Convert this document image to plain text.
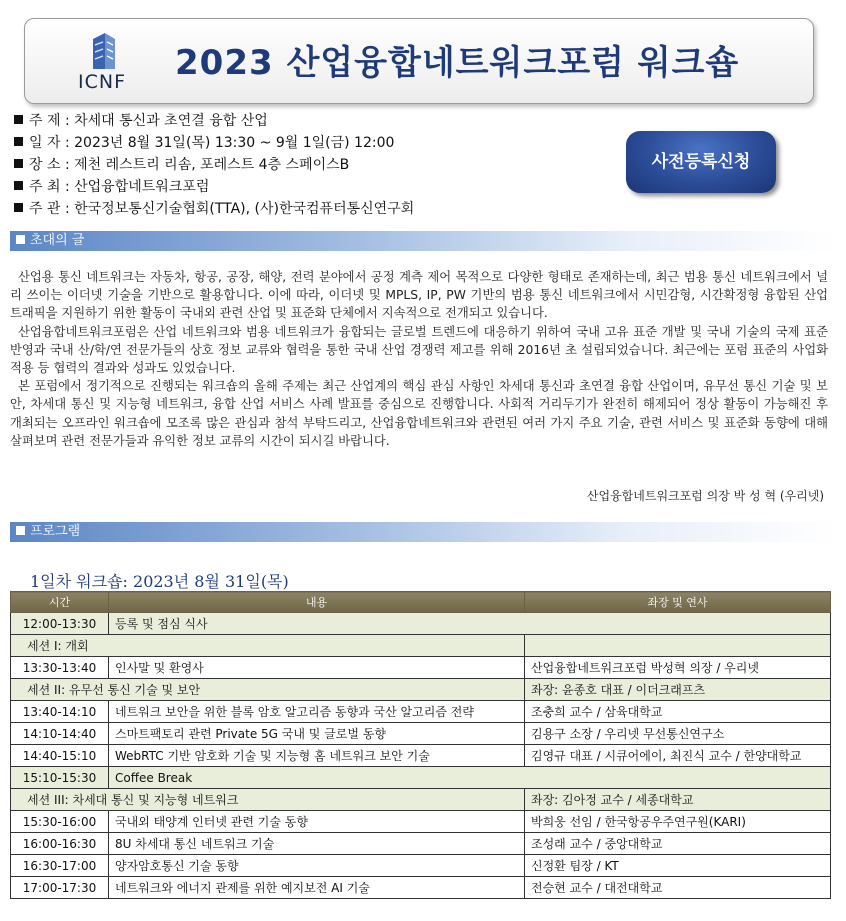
ICNF 2023 산업융합네트워크포럼 워크숍
주 제 : 차세대 통신과 초연결 융합 산업
일 자 : 2023년 8월 31일(목) 13:30 ~ 9월 1일(금) 12:00
장 소 : 제천 레스트리 리솜, 포레스트 4층 스페이스B
주 최 : 산업융합네트워크포럼
주 관 : 한국정보통신기술협회(TTA), (사)한국컴퓨터통신연구회
사전등록신청
초대의 글

산업용 통신 네트워크는 자동차, 항공, 공장, 해양, 전력 분야에서 공정 계측 제어 목적으로 다양한 형태로 존재하는데, 최근 범용 통신 네트워크에서 널리 쓰이는 이더넷 기술을 기반으로 활용합니다. 이에 따라, 이더넷 및 MPLS, IP, PW 기반의 범용 통신 네트워크에서 시민감형, 시간확정형 융합된 산업 트래픽을 지원하기 위한 활동이 국내외 관련 산업 및 표준화 단체에서 지속적으로 전개되고 있습니다.

산업융합네트워크포럼은 산업 네트워크와 범용 네트워크가 융합되는 글로벌 트렌드에 대응하기 위하여 국내 고유 표준 개발 및 국내 기술의 국제 표준 반영과 국내 산/학/연 전문가들의 상호 정보 교류와 협력을 통한 국내 산업 경쟁력 제고를 위해 2016년 초 설립되었습니다. 최근에는 포럼 표준의 사업화 적용 등 협력의 결과와 성과도 있었습니다.

본 포럼에서 정기적으로 진행되는 워크숍의 올해 주제는 최근 산업계의 핵심 관심 사항인 차세대 통신과 초연결 융합 산업이며, 유무선 통신 기술 및 보안, 차세대 통신 및 지능형 네트워크, 융합 산업 서비스 사례 발표를 중심으로 진행합니다. 사회적 거리두기가 완전히 해제되어 정상 활동이 가능해진 후 개최되는 오프라인 워크숍에 모조록 많은 관심과 참석 부탁드리고, 산업융합네트워크와 관련된 여러 가지 주요 기술, 관련 서비스 및 표준화 동향에 대해 살펴보며 관련 전문가들과 유익한 정보 교류의 시간이 되시길 바랍니다.

산업융합네트워크포럼 의장 박 성 혁 (우리넷)
프로그램
1일차 워크숍: 2023년 8월 31일(목)
시간	내용	좌장 및 연사
12:00-13:30	등록 및 점심 식사	
세션 I: 개회		
13:30-13:40	인사말 및 환영사	산업융합네트워크포럼 박성혁 의장 / 우리넷
세션 II: 유무선 통신 기술 및 보안		좌장: 윤종호 대표 / 이더크래프츠
13:40-14:10	네트워크 보안을 위한 블록 암호 알고리즘 동향과 국산 알고리즘 전략	조충희 교수 / 삼육대학교
14:10-14:40	스마트팩토리 관련 Private 5G 국내 및 글로벌 동향	김용구 소장 / 우리넷 무선통신연구소
14:40-15:10	WebRTC 기반 암호화 기술 및 지능형 홈 네트워크 보안 기술	김영규 대표 / 시큐어에이, 최진식 교수 / 한양대학교
15:10-15:30	Coffee Break	
세션 III: 차세대 통신 및 지능형 네트워크		좌장: 김아정 교수 / 세종대학교
15:30-16:00	국내외 태양계 인터넷 관련 기술 동향	박희웅 선임 / 한국항공우주연구원(KARI)
16:00-16:30	8U 차세대 통신 네트워크 기술	조성래 교수 / 중앙대학교
16:30-17:00	양자암호통신 기술 동향	신정환 팀장 / KT
17:00-17:30	네트워크와 에너지 관제를 위한 예지보전 AI 기술	전승현 교수 / 대전대학교
